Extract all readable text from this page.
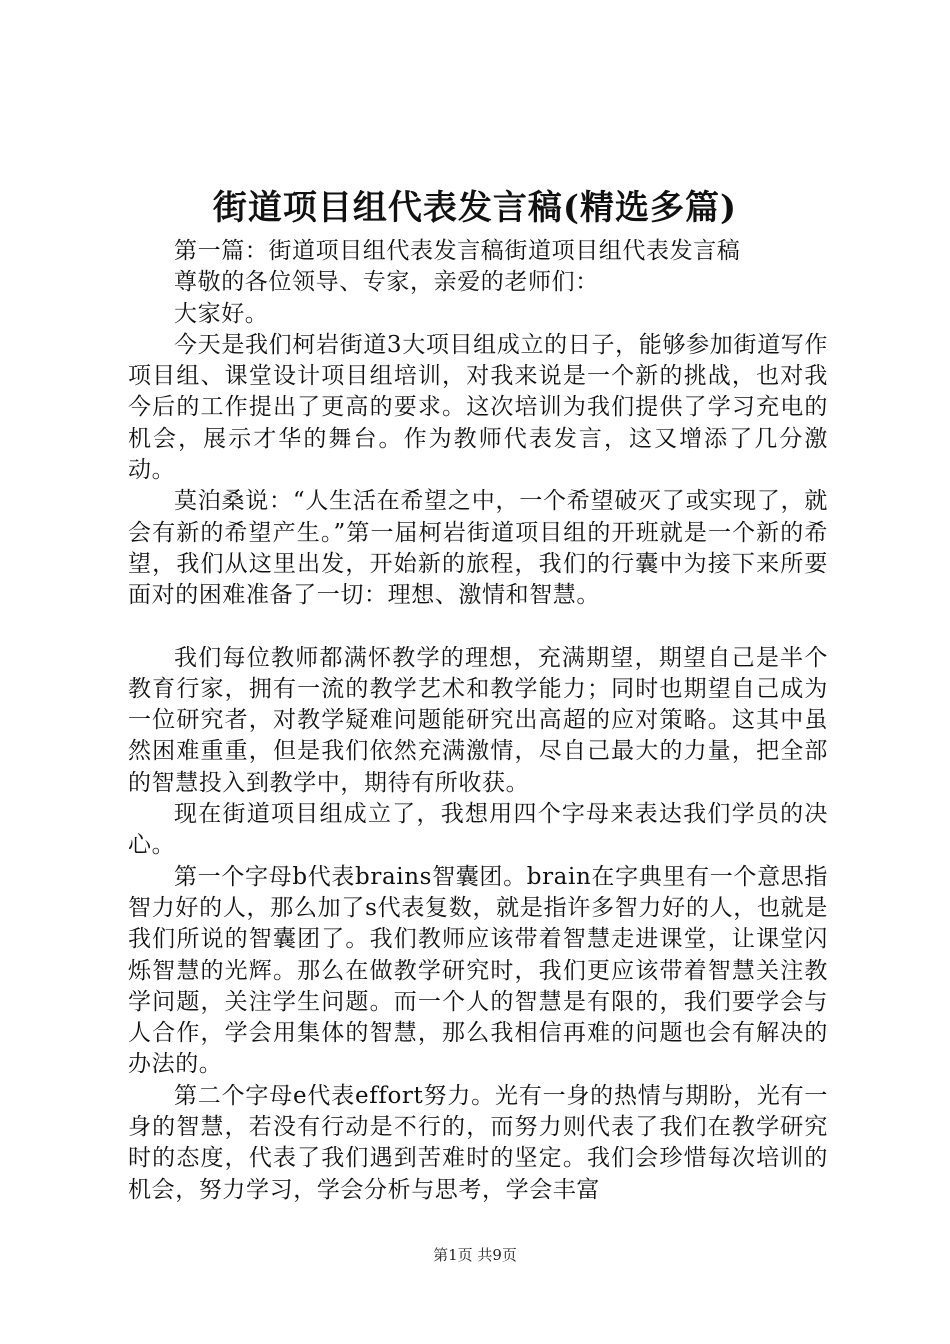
街道项目组代表发言稿(精选多篇)

第一篇：街道项目组代表发言稿街道项目组代表发言稿

尊敬的各位领导、专家，亲爱的老师们：

大家好。

今天是我们柯岩街道3大项目组成立的日子，能够参加街道写作项目组、课堂设计项目组培训，对我来说是一个新的挑战，也对我今后的工作提出了更高的要求。这次培训为我们提供了学习充电的机会，展示才华的舞台。作为教师代表发言，这又增添了几分激动。

莫泊桑说：“人生活在希望之中，一个希望破灭了或实现了，就会有新的希望产生。”第一届柯岩街道项目组的开班就是一个新的希望，我们从这里出发，开始新的旅程，我们的行囊中为接下来所要面对的困难准备了一切：理想、激情和智慧。

我们每位教师都满怀教学的理想，充满期望，期望自己是半个教育行家，拥有一流的教学艺术和教学能力；同时也期望自己成为一位研究者，对教学疑难问题能研究出高超的应对策略。这其中虽然困难重重，但是我们依然充满激情，尽自己最大的力量，把全部的智慧投入到教学中，期待有所收获。

现在街道项目组成立了，我想用四个字母来表达我们学员的决心。

第一个字母b代表brains智囊团。brain在字典里有一个意思指智力好的人，那么加了s代表复数，就是指许多智力好的人，也就是我们所说的智囊团了。我们教师应该带着智慧走进课堂，让课堂闪烁智慧的光辉。那么在做教学研究时，我们更应该带着智慧关注教学问题，关注学生问题。而一个人的智慧是有限的，我们要学会与人合作，学会用集体的智慧，那么我相信再难的问题也会有解决的办法的。

第二个字母e代表effort努力。光有一身的热情与期盼，光有一身的智慧，若没有行动是不行的，而努力则代表了我们在教学研究时的态度，代表了我们遇到苦难时的坚定。我们会珍惜每次培训的机会，努力学习，学会分析与思考，学会丰富

第1页 共9页
